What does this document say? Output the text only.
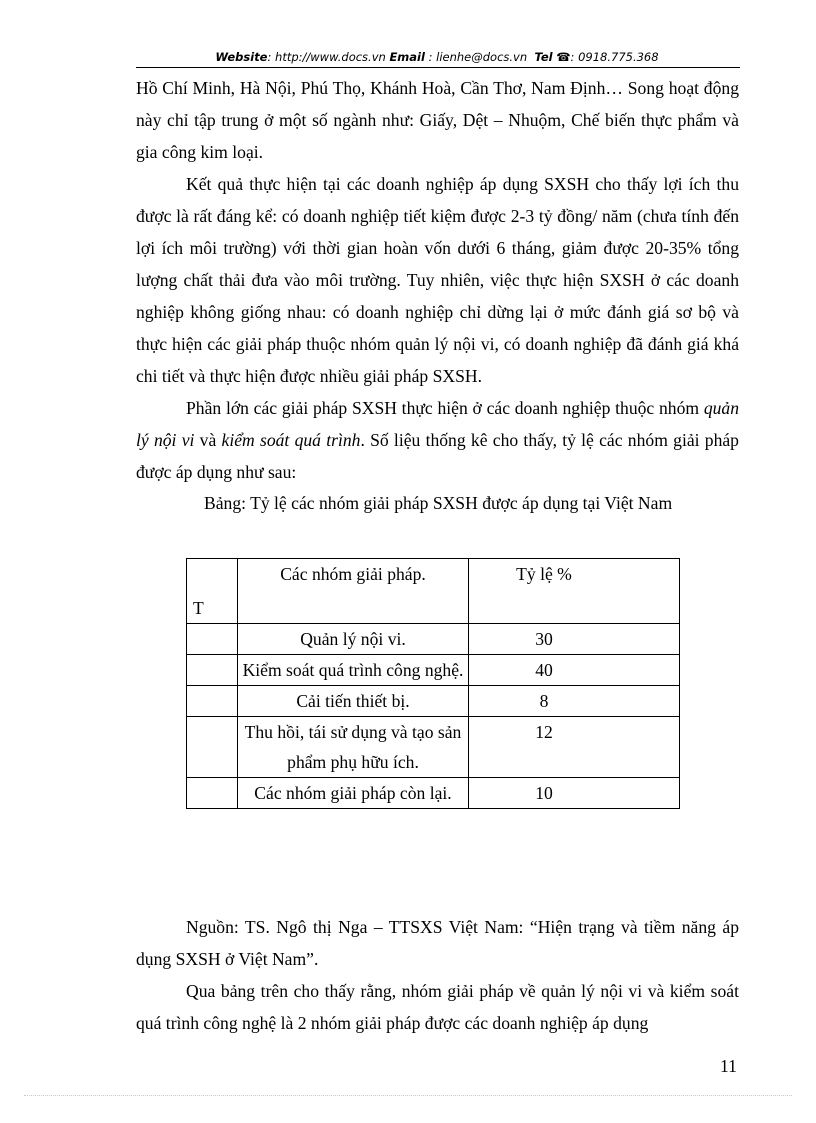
Website: http://www.docs.vn Email : lienhe@docs.vn Tel ☎: 0918.775.368

Hồ Chí Minh, Hà Nội, Phú Thọ, Khánh Hoà, Cần Thơ, Nam Định… Song hoạt động này chỉ tập trung ở một số ngành như: Giấy, Dệt – Nhuộm, Chế biến thực phẩm và gia công kim loại.

Kết quả thực hiện tại các doanh nghiệp áp dụng SXSH cho thấy lợi ích thu được là rất đáng kể: có doanh nghiệp tiết kiệm được 2-3 tỷ đồng/ năm (chưa tính đến lợi ích môi trường) với thời gian hoàn vốn dưới 6 tháng, giảm được 20-35% tổng lượng chất thải đưa vào môi trường. Tuy nhiên, việc thực hiện SXSH ở các doanh nghiệp không giống nhau: có doanh nghiệp chỉ dừng lại ở mức đánh giá sơ bộ và thực hiện các giải pháp thuộc nhóm quản lý nội vi, có doanh nghiệp đã đánh giá khá chi tiết và thực hiện được nhiều giải pháp SXSH.

Phần lớn các giải pháp SXSH thực hiện ở các doanh nghiệp thuộc nhóm quản lý nội vi và kiểm soát quá trình. Số liệu thống kê cho thấy, tỷ lệ các nhóm giải pháp được áp dụng như sau:

Bảng: Tỷ lệ các nhóm giải pháp SXSH được áp dụng tại Việt Nam

T	Các nhóm giải pháp.	Tỷ lệ %
	Quản lý nội vi.	30
	Kiểm soát quá trình công nghệ.	40
	Cải tiến thiết bị.	8
	Thu hồi, tái sử dụng và tạo sản phẩm phụ hữu ích.	12
	Các nhóm giải pháp còn lại.	10

Nguồn: TS. Ngô thị Nga – TTSXS Việt Nam: “Hiện trạng và tiềm năng áp dụng SXSH ở Việt Nam”.

Qua bảng trên cho thấy rằng, nhóm giải pháp về quản lý nội vi và kiểm soát quá trình công nghệ là 2 nhóm giải pháp được các doanh nghiệp áp dụng

11
